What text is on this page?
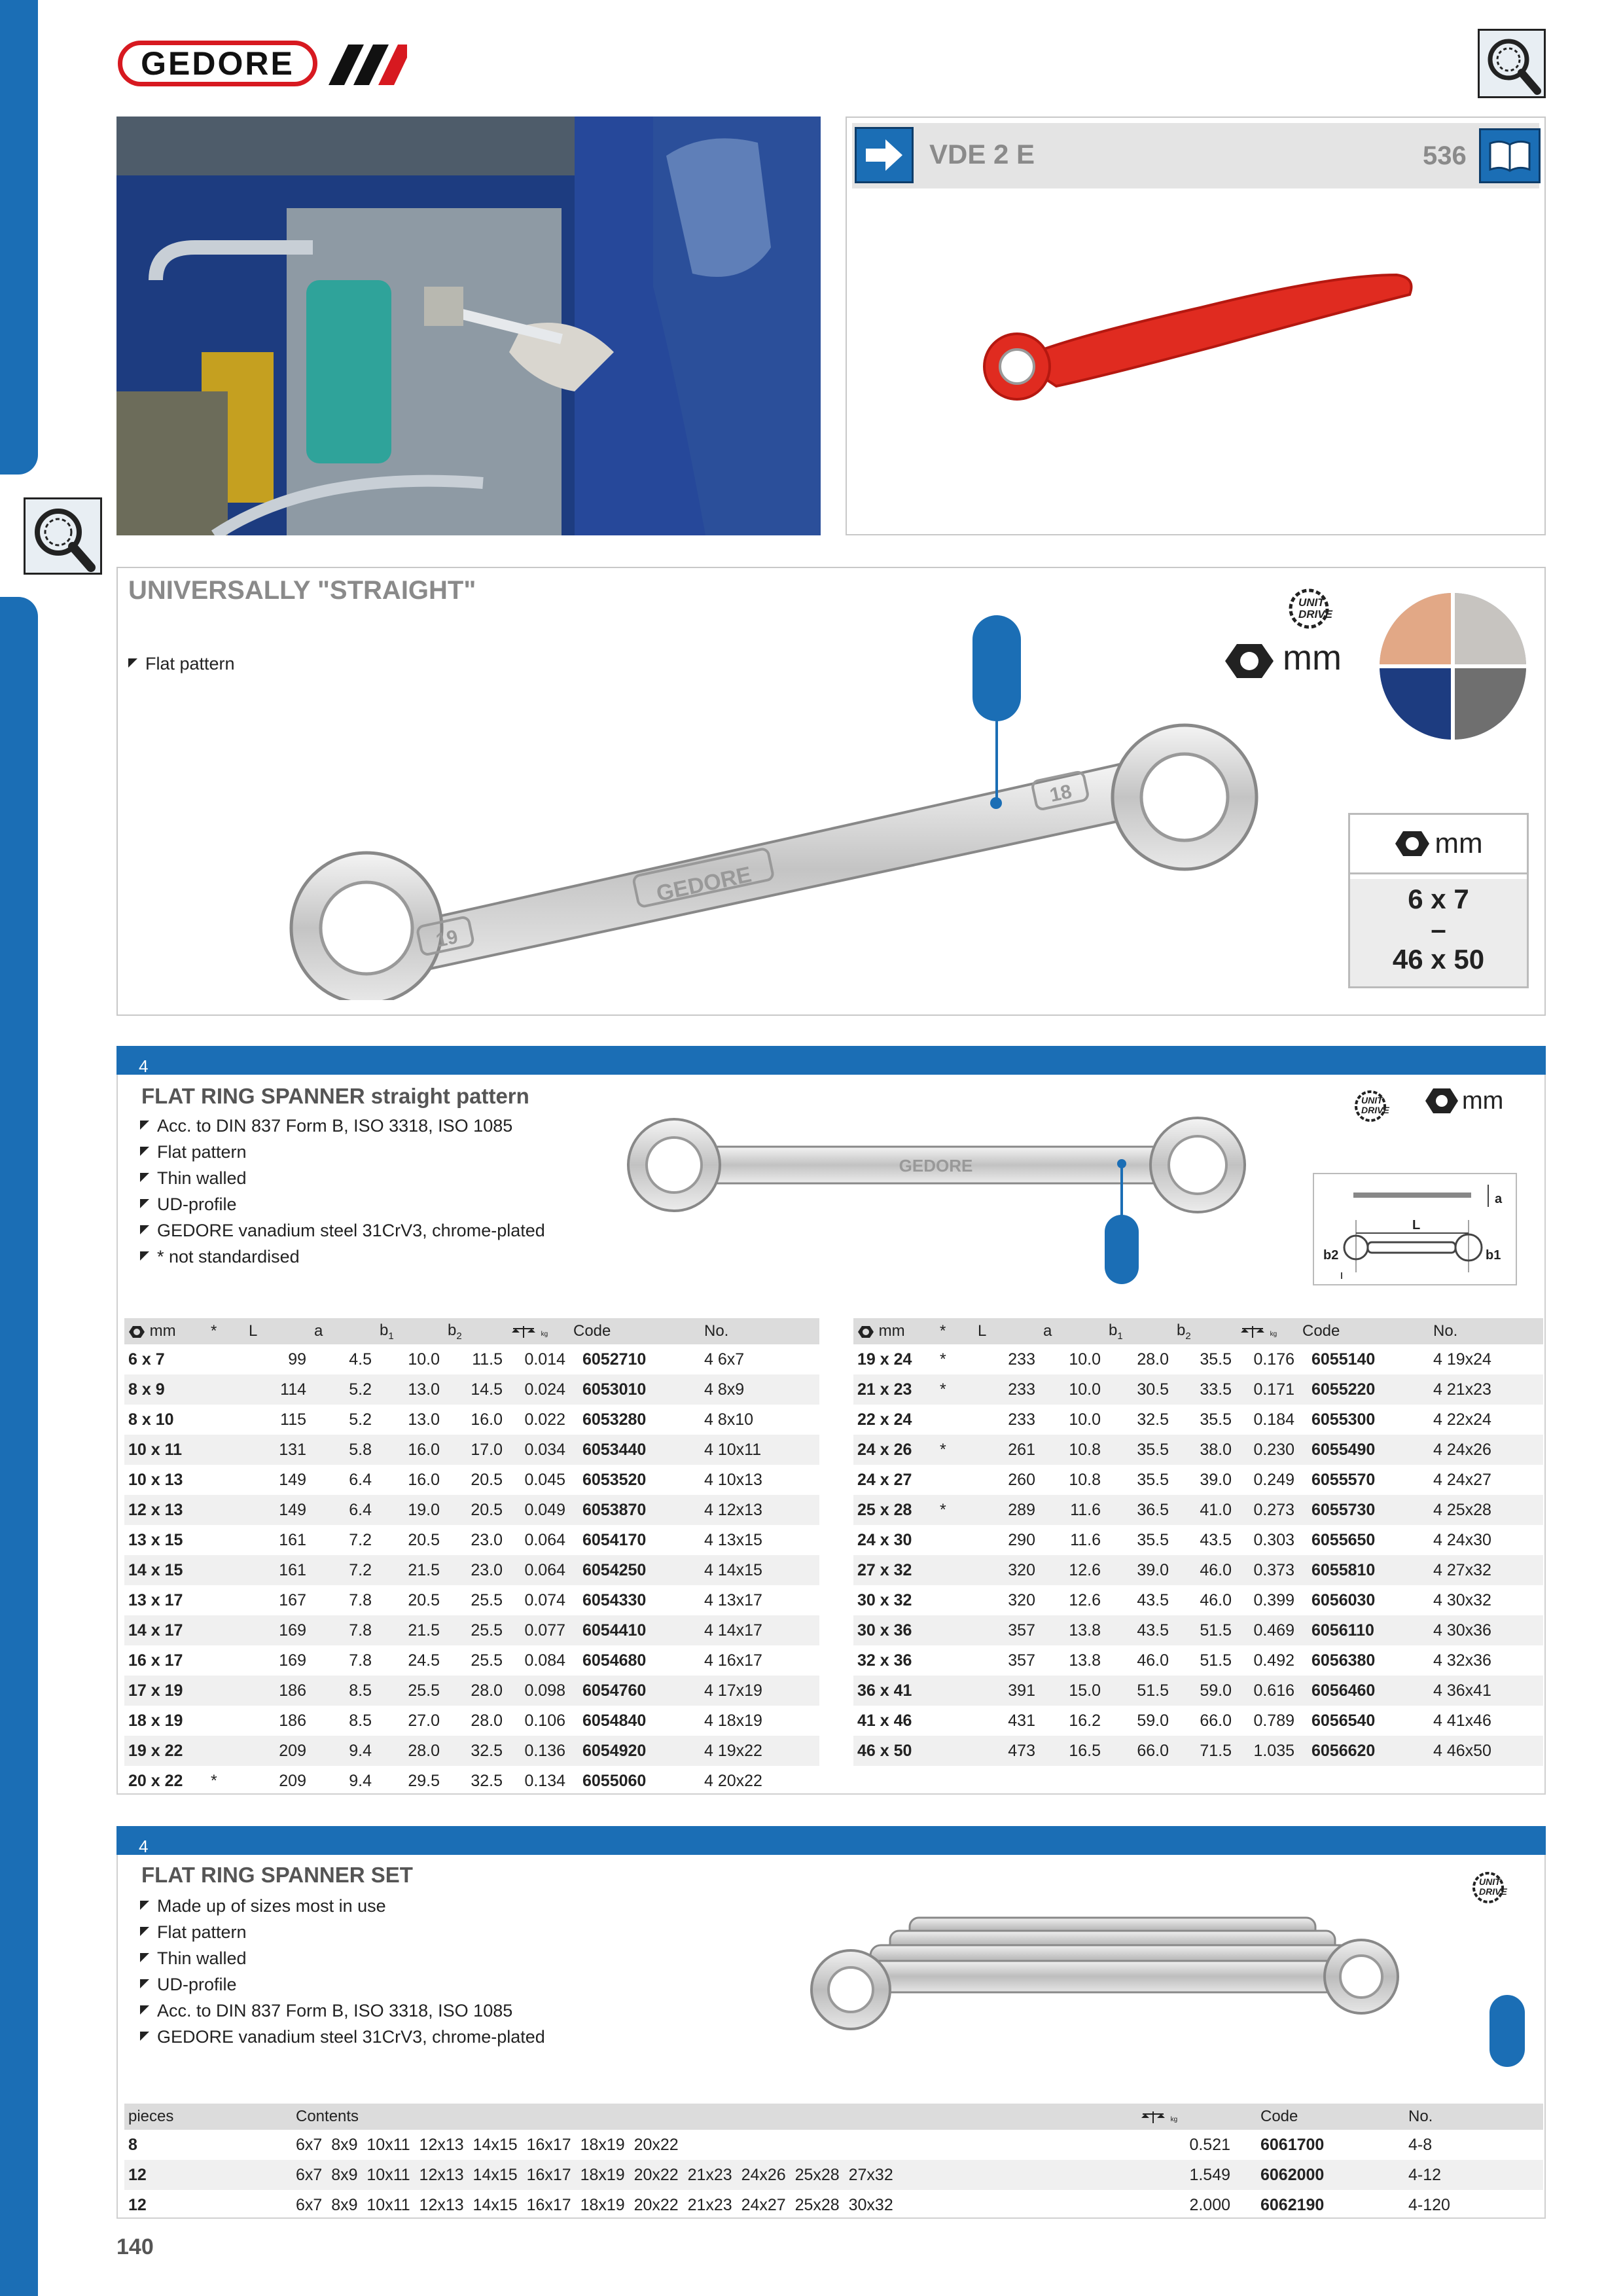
GEDORE
VDE 2 E	536
UNIVERSALLY "STRAIGHT"
Flat pattern
GEDORE
19
18
UNIT
DRIVE
mm
mm
6 x 7
–
46 x 50
4
FLAT RING SPANNER straight pattern
Acc. to DIN 837 Form B, ISO 3318, ISO 1085
Flat pattern
Thin walled
UD-profile
GEDORE vanadium steel 31CrV3, chrome-plated
* not standardised
GEDORE
UNIT
DRIVE	mm
a
L
b2	b1
mm	*	L	a	$b_1$	$b_2$	kg	Code	No.
6 x 7		99	4.5	10.0	11.5	0.014	6052710	4 6x7
8 x 9		114	5.2	13.0	14.5	0.024	6053010	4 8x9
8 x 10		115	5.2	13.0	16.0	0.022	6053280	4 8x10
10 x 11		131	5.8	16.0	17.0	0.034	6053440	4 10x11
10 x 13		149	6.4	16.0	20.5	0.045	6053520	4 10x13
12 x 13		149	6.4	19.0	20.5	0.049	6053870	4 12x13
13 x 15		161	7.2	20.5	23.0	0.064	6054170	4 13x15
14 x 15		161	7.2	21.5	23.0	0.064	6054250	4 14x15
13 x 17		167	7.8	20.5	25.5	0.074	6054330	4 13x17
14 x 17		169	7.8	21.5	25.5	0.077	6054410	4 14x17
16 x 17		169	7.8	24.5	25.5	0.084	6054680	4 16x17
17 x 19		186	8.5	25.5	28.0	0.098	6054760	4 17x19
18 x 19		186	8.5	27.0	28.0	0.106	6054840	4 18x19
19 x 22		209	9.4	28.0	32.5	0.136	6054920	4 19x22
20 x 22	*	209	9.4	29.5	32.5	0.134	6055060	4 20x22
mm	*	L	a	$b_1$	$b_2$	kg	Code	No.
19 x 24	*	233	10.0	28.0	35.5	0.176	6055140	4 19x24
21 x 23	*	233	10.0	30.5	33.5	0.171	6055220	4 21x23
22 x 24		233	10.0	32.5	35.5	0.184	6055300	4 22x24
24 x 26	*	261	10.8	35.5	38.0	0.230	6055490	4 24x26
24 x 27		260	10.8	35.5	39.0	0.249	6055570	4 24x27
25 x 28	*	289	11.6	36.5	41.0	0.273	6055730	4 25x28
24 x 30		290	11.6	35.5	43.5	0.303	6055650	4 24x30
27 x 32		320	12.6	39.0	46.0	0.373	6055810	4 27x32
30 x 32		320	12.6	43.5	46.0	0.399	6056030	4 30x32
30 x 36		357	13.8	43.5	51.5	0.469	6056110	4 30x36
32 x 36		357	13.8	46.0	51.5	0.492	6056380	4 32x36
36 x 41		391	15.0	51.5	59.0	0.616	6056460	4 36x41
41 x 46		431	16.2	59.0	66.0	0.789	6056540	4 41x46
46 x 50		473	16.5	66.0	71.5	1.035	6056620	4 46x50
4
FLAT RING SPANNER SET
Made up of sizes most in use
Flat pattern
Thin walled
UD-profile
Acc. to DIN 837 Form B, ISO 3318, ISO 1085
GEDORE vanadium steel 31CrV3, chrome-plated
UNIT
DRIVE
pieces	Contents	kg	Code	No.
8	6x7  8x9  10x11  12x13  14x15  16x17  18x19  20x22	0.521	6061700	4-8
12	6x7  8x9  10x11  12x13  14x15  16x17  18x19  20x22  21x23  24x26  25x28  27x32	1.549	6062000	4-12
12	6x7  8x9  10x11  12x13  14x15  16x17  18x19  20x22  21x23  24x27  25x28  30x32	2.000	6062190	4-120
140
